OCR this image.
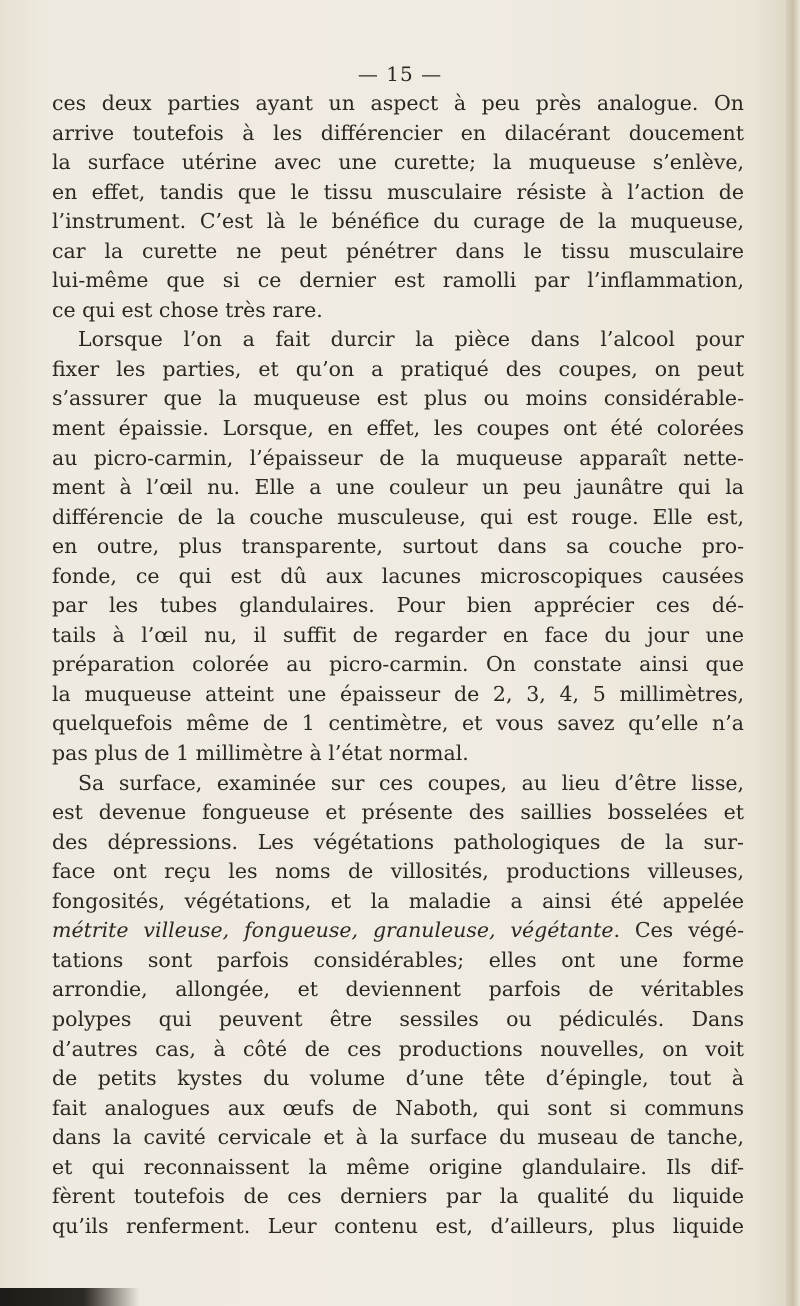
— 15 —
ces deux parties ayant un aspect à peu près analogue. On
arrive toutefois à les différencier en dilacérant doucement
la surface utérine avec une curette; la muqueuse s’enlève,
en effet, tandis que le tissu musculaire résiste à l’action de
l’instrument. C’est là le bénéfice du curage de la muqueuse,
car la curette ne peut pénétrer dans le tissu musculaire
lui-même que si ce dernier est ramolli par l’inflammation,
ce qui est chose très rare.
Lorsque l’on a fait durcir la pièce dans l’alcool pour
fixer les parties, et qu’on a pratiqué des coupes, on peut
s’assurer que la muqueuse est plus ou moins considérable-
ment épaissie. Lorsque, en effet, les coupes ont été colorées
au picro-carmin, l’épaisseur de la muqueuse apparaît nette-
ment à l’œil nu. Elle a une couleur un peu jaunâtre qui la
différencie de la couche musculeuse, qui est rouge. Elle est,
en outre, plus transparente, surtout dans sa couche pro-
fonde, ce qui est dû aux lacunes microscopiques causées
par les tubes glandulaires. Pour bien apprécier ces dé-
tails à l’œil nu, il suffit de regarder en face du jour une
préparation colorée au picro-carmin. On constate ainsi que
la muqueuse atteint une épaisseur de 2, 3, 4, 5 millimètres,
quelquefois même de 1 centimètre, et vous savez qu’elle n’a
pas plus de 1 millimètre à l’état normal.
Sa surface, examinée sur ces coupes, au lieu d’être lisse,
est devenue fongueuse et présente des saillies bosselées et
des dépressions. Les végétations pathologiques de la sur-
face ont reçu les noms de villosités, productions villeuses,
fongosités, végétations, et la maladie a ainsi été appelée
métrite villeuse, fongueuse, granuleuse, végétante. Ces végé-
tations sont parfois considérables; elles ont une forme
arrondie, allongée, et deviennent parfois de véritables
polypes qui peuvent être sessiles ou pédiculés. Dans
d’autres cas, à côté de ces productions nouvelles, on voit
de petits kystes du volume d’une tête d’épingle, tout à
fait analogues aux œufs de Naboth, qui sont si communs
dans la cavité cervicale et à la surface du museau de tanche,
et qui reconnaissent la même origine glandulaire. Ils dif-
fèrent toutefois de ces derniers par la qualité du liquide
qu’ils renferment. Leur contenu est, d’ailleurs, plus liquide
